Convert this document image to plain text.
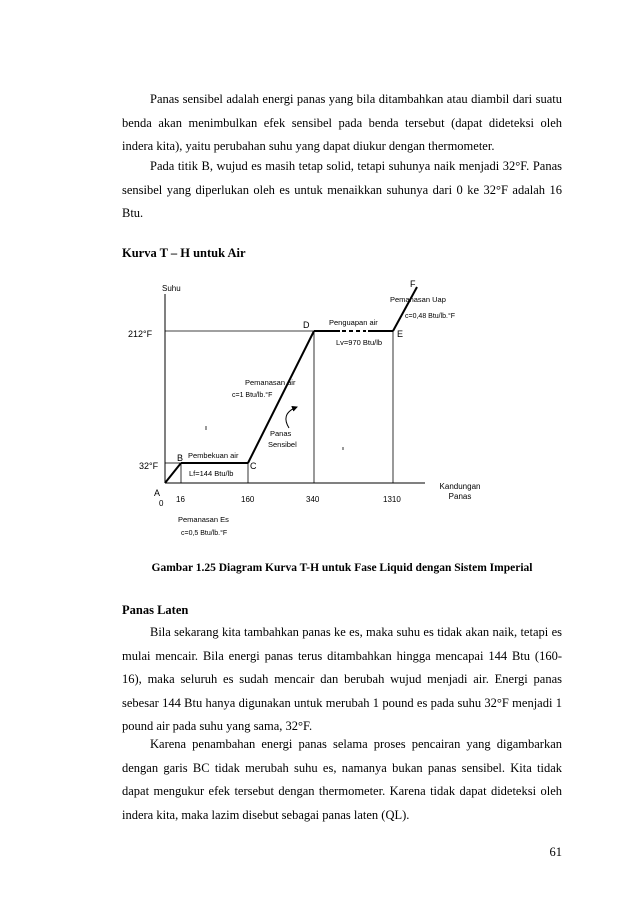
Panas sensibel adalah energi panas yang bila ditambahkan atau diambil dari suatu benda akan menimbulkan efek sensibel pada benda tersebut (dapat dideteksi oleh indera kita), yaitu perubahan suhu yang dapat diukur dengan thermometer.

Pada titik B, wujud es masih tetap solid, tetapi suhunya naik menjadi 32°F. Panas sensibel yang diperlukan oleh es untuk menaikkan suhunya dari 0 ke 32°F adalah 16 Btu.

Kurva T – H untuk Air

Suhu
Kandungan
Panas
212°F
32°F
0 16	160	340	1310
A
B
C
D
E
F
Pemanasan Uap
c=0,48 Btu/lb.°F
Penguapan air
Lv=970 Btu/lb
Pemanasan air
c=1 Btu/lb.°F
Panas
Sensibel
Pembekuan air
Lf=144 Btu/lb
Pemanasan Es
c=0,5 Btu/lb.°F

Gambar 1.25 Diagram Kurva T-H untuk Fase Liquid dengan Sistem Imperial

Panas Laten

Bila sekarang kita tambahkan panas ke es, maka suhu es tidak akan naik, tetapi es mulai mencair. Bila energi panas terus ditambahkan hingga mencapai 144 Btu (160-16), maka seluruh es sudah mencair dan berubah wujud menjadi air. Energi panas sebesar 144 Btu hanya digunakan untuk merubah 1 pound es pada suhu 32°F menjadi 1 pound air pada suhu yang sama, 32°F.

Karena penambahan energi panas selama proses pencairan yang digambarkan dengan garis BC tidak merubah suhu es, namanya bukan panas sensibel. Kita tidak dapat mengukur efek tersebut dengan thermometer. Karena tidak dapat dideteksi oleh indera kita, maka lazim disebut sebagai panas laten (QL).

61
